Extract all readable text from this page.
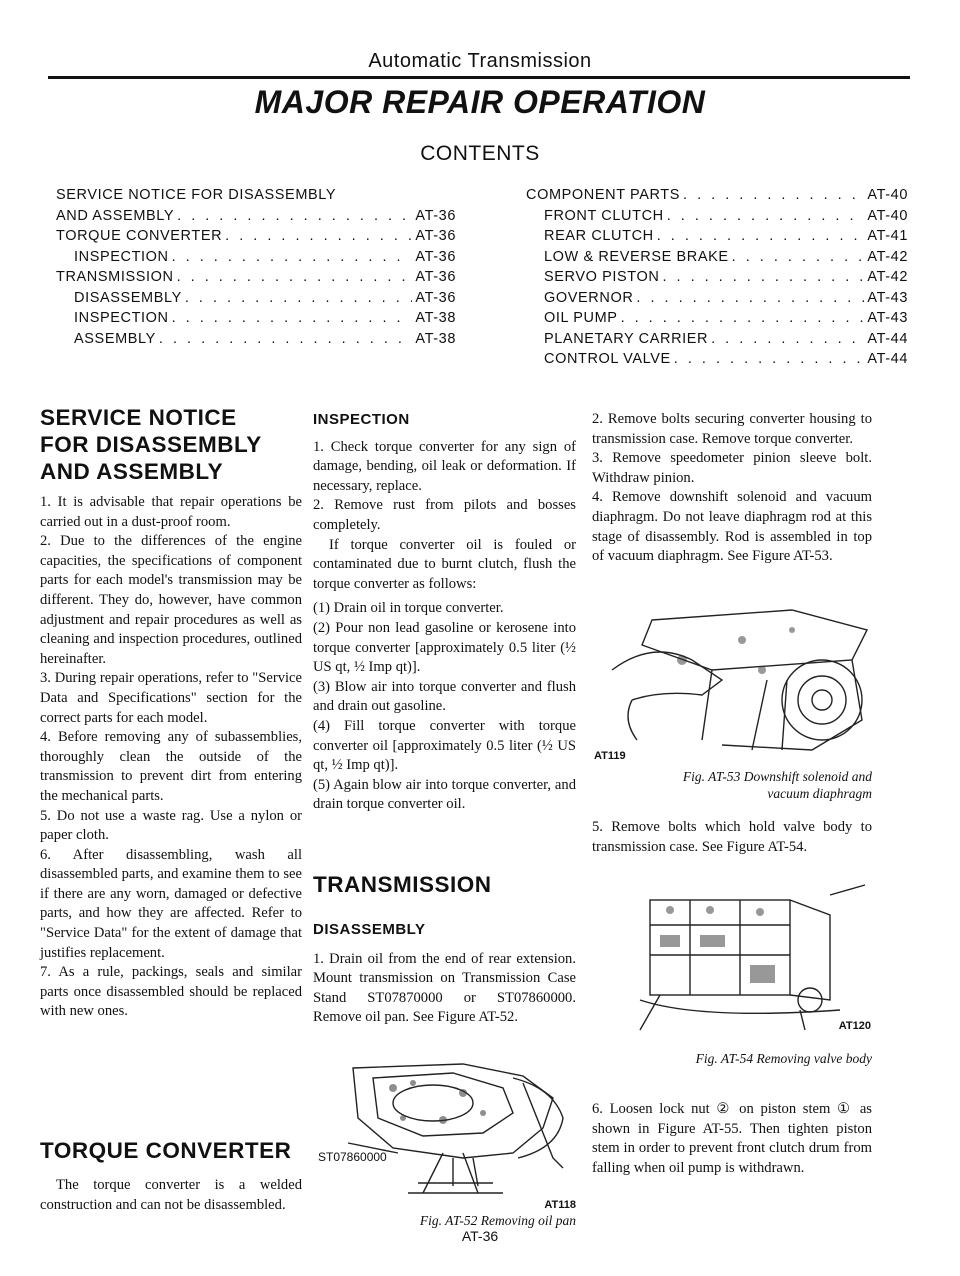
Automatic Transmission
MAJOR REPAIR OPERATION
CONTENTS
SERVICE NOTICE FOR DISASSEMBLY
AND ASSEMBLY . . .	AT-36
TORQUE CONVERTER . . .	AT-36
INSPECTION . . .	AT-36
TRANSMISSION . . .	AT-36
DISASSEMBLY . . .	AT-36
INSPECTION . . .	AT-38
ASSEMBLY . . .	AT-38
COMPONENT PARTS . . .	AT-40
FRONT CLUTCH . . .	AT-40
REAR CLUTCH . . .	AT-41
LOW & REVERSE BRAKE . . .	AT-42
SERVO PISTON . . .	AT-42
GOVERNOR . . .	AT-43
OIL PUMP . . .	AT-43
PLANETARY CARRIER . . .	AT-44
CONTROL VALVE . . .	AT-44
SERVICE NOTICE
FOR DISASSEMBLY
AND ASSEMBLY

1. It is advisable that repair operations be carried out in a dust-proof room.

2. Due to the differences of the engine capacities, the specifications of component parts for each model's transmission may be different. They do, however, have common adjustment and repair procedures as well as cleaning and inspection procedures, outlined hereinafter.

3. During repair operations, refer to "Service Data and Specifications" section for the correct parts for each model.

4. Before removing any of subassemblies, thoroughly clean the outside of the transmission to prevent dirt from entering the mechanical parts.

5. Do not use a waste rag. Use a nylon or paper cloth.

6. After disassembling, wash all disassembled parts, and examine them to see if there are any worn, damaged or defective parts, and how they are affected. Refer to "Service Data" for the extent of damage that justifies replacement.

7. As a rule, packings, seals and similar parts once disassembled should be replaced with new ones.

TORQUE CONVERTER

The torque converter is a welded construction and can not be disassembled.

INSPECTION

1. Check torque converter for any sign of damage, bending, oil leak or deformation. If necessary, replace.

2. Remove rust from pilots and bosses completely.

If torque converter oil is fouled or contaminated due to burnt clutch, flush the torque converter as follows:

(1) Drain oil in torque converter.

(2) Pour non lead gasoline or kerosene into torque converter [approximately 0.5 liter (½ US qt, ½ Imp qt)].

(3) Blow air into torque converter and flush and drain out gasoline.

(4) Fill torque converter with torque converter oil [approximately 0.5 liter (½ US qt, ½ Imp qt)].

(5) Again blow air into torque converter, and drain torque converter oil.

TRANSMISSION
DISASSEMBLY

1. Drain oil from the end of rear extension. Mount transmission on Transmission Case Stand ST07870000 or ST07860000. Remove oil pan. See Figure AT-52.

ST07860000
AT118
Fig. AT-52 Removing oil pan
AT-36

2. Remove bolts securing converter housing to transmission case. Remove torque converter.

3. Remove speedometer pinion sleeve bolt. Withdraw pinion.

4. Remove downshift solenoid and vacuum diaphragm. Do not leave diaphragm rod at this stage of disassembly. Rod is assembled in top of vacuum diaphragm. See Figure AT-53.

AT119
Fig. AT-53 Downshift solenoid and
vacuum diaphragm

5. Remove bolts which hold valve body to transmission case. See Figure AT-54.

AT120
Fig. AT-54 Removing valve body

6. Loosen lock nut ② on piston stem ① as shown in Figure AT-55. Then tighten piston stem in order to prevent front clutch drum from falling when oil pump is withdrawn.
